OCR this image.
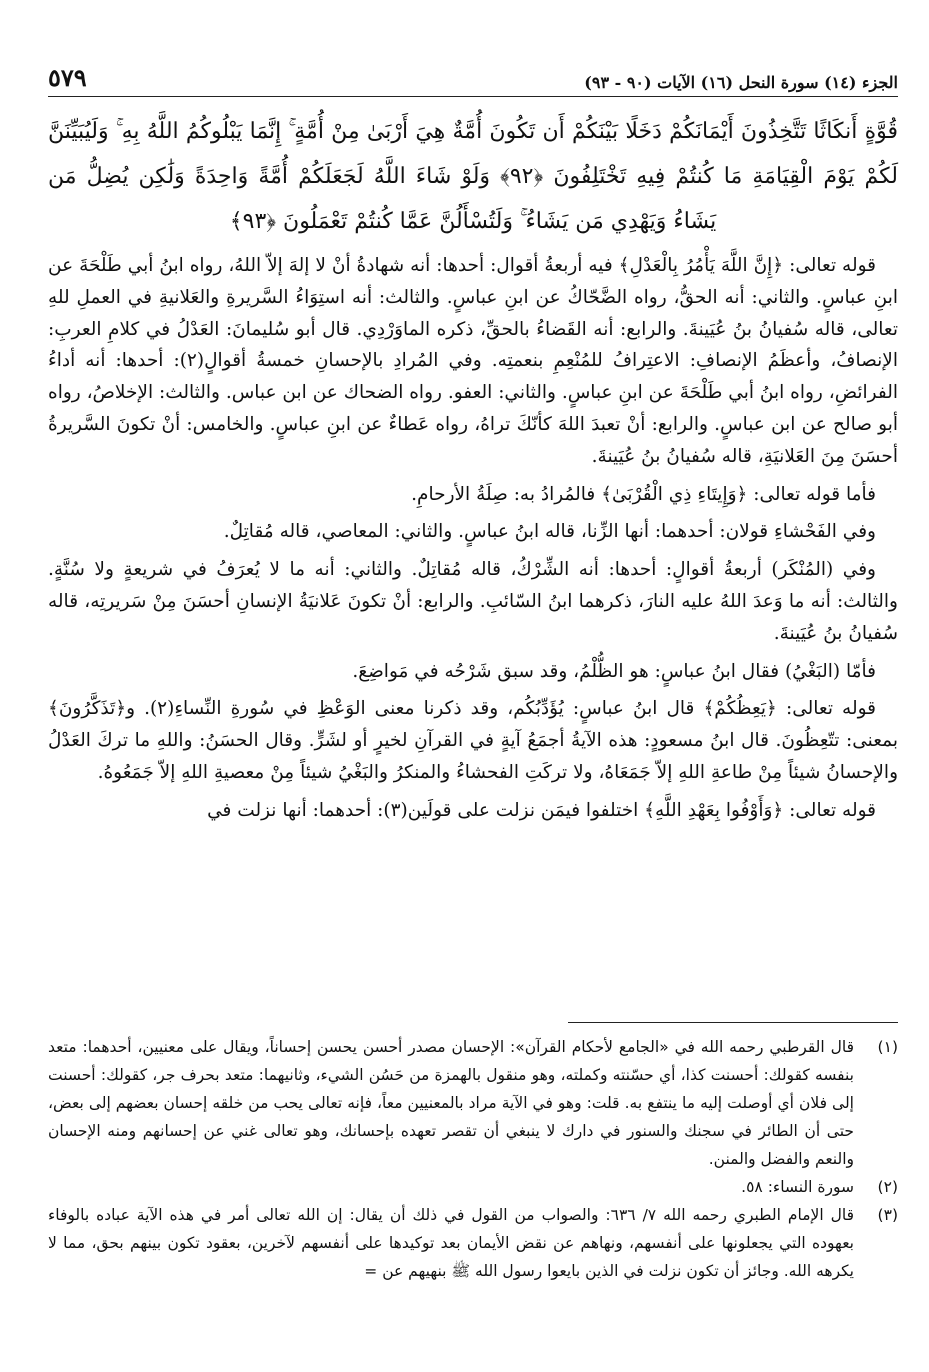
الجزء (١٤) سورة النحل (١٦) الآيات (٩٠ - ٩٣)
٥٧٩
قُوَّةٍ أَنكَاثًا تَتَّخِذُونَ أَيْمَانَكُمْ دَخَلًا بَيْنَكُمْ أَن تَكُونَ أُمَّةٌ هِيَ أَرْبَىٰ مِنْ أُمَّةٍ ۚ إِنَّمَا يَبْلُوكُمُ اللَّهُ بِهِ ۚ وَلَيُبَيِّنَنَّ لَكُمْ يَوْمَ الْقِيَامَةِ مَا كُنتُمْ فِيهِ تَخْتَلِفُونَ ﴿٩٢﴾ وَلَوْ شَاءَ اللَّهُ لَجَعَلَكُمْ أُمَّةً وَاحِدَةً وَلَٰكِن يُضِلُّ مَن يَشَاءُ وَيَهْدِي مَن يَشَاءُ ۚ وَلَتُسْأَلُنَّ عَمَّا كُنتُمْ تَعْمَلُونَ ﴿٩٣﴾

قوله تعالى: ﴿إِنَّ اللَّهَ يَأْمُرُ بِالْعَدْلِ﴾ فيه أربعةُ أقوال: أحدها: أنه شهادةُ أنْ لا إلهَ إلاّ اللهُ، رواه ابنُ أبي طَلْحَةَ عن ابنِ عباسٍ. والثاني: أنه الحقُّ، رواه الضَّحّاكُ عن ابنِ عباسٍ. والثالث: أنه استِوَاءُ السَّريرةِ والعَلانيةِ في العملِ للهِ تعالى، قاله سُفيانُ بنُ عُيَينةَ. والرابع: أنه القَضاءُ بالحقِّ، ذكره الماوَرْدِي. قال أبو سُليمانَ: العَدْلُ في كلامِ العربِ: الإنصافُ، وأعظَمُ الإنصافِ: الاعتِرافُ للمُنْعِمِ بنعمتِه. وفي المُرادِ بالإحسانِ خمسةُ أقوالٍ(٢): أحدها: أنه أداءُ الفرائضِ، رواه ابنُ أبي طَلْحَةَ عن ابنِ عباسٍ. والثاني: العفو. رواه الضحاك عن ابن عباس. والثالث: الإخلاصُ، رواه أبو صالح عن ابن عباسٍ. والرابع: أنْ تعبدَ اللهَ كأنّكَ تراهُ، رواه عَطاءٌ عن ابنِ عباسٍ. والخامس: أنْ تكونَ السَّريرةُ أحسَنَ مِنَ العَلانيَةِ، قاله سُفيانُ بنُ عُيَينةَ.

فأما قوله تعالى: ﴿وَإِيتَاءِ ذِي الْقُرْبَىٰ﴾ فالمُرادُ به: صِلَةُ الأرحامِ.

وفي الفَحْشاءِ قولان: أحدهما: أنها الزِّنا، قاله ابنُ عباسٍ. والثاني: المعاصي، قاله مُقاتِلٌ.

وفي (المُنْكَر) أربعةُ أقوالٍ: أحدها: أنه الشِّرْكُ، قاله مُقاتِلٌ. والثاني: أنه ما لا يُعرَفُ في شريعةٍ ولا سُنَّةٍ. والثالث: أنه ما وَعدَ اللهُ عليه النارَ، ذكرهما ابنُ السّائبِ. والرابع: أنْ تكونَ عَلانيَةُ الإنسانِ أحسَنَ مِنْ سَريرتِه، قاله سُفيانُ بنُ عُيَينةَ.

فأمّا (البَغْيُ) فقال ابنُ عباسٍ: هو الظُّلْمُ، وقد سبق شَرْحُه في مَواضِعَ.

قوله تعالى: ﴿يَعِظُكُمْ﴾ قال ابنُ عباسٍ: يُؤَدِّبُكُم، وقد ذكرنا معنى الوَعْظِ في سُورةِ النِّساءِ(٢). و﴿تَذَكَّرُونَ﴾ بمعنى: تتّعِظُونَ. قال ابنُ مسعودٍ: هذه الآيةُ أجمَعُ آيةٍ في القرآنِ لخيرٍ أو لشَرٍّ. وقال الحسَنُ: واللهِ ما تركَ العَدْلُ والإحسانُ شيئاً مِنْ طاعةِ اللهِ إلاّ جَمَعَاهُ، ولا تركَتِ الفحشاءُ والمنكرُ والبَغْيُ شيئاً مِنْ معصيةِ اللهِ إلاّ جَمَعُوهُ.

قوله تعالى: ﴿وَأَوْفُوا بِعَهْدِ اللَّهِ﴾ اختلفوا فيمَن نزلت على قولَين(٣): أحدهما: أنها نزلت في

(١)
قال القرطبي رحمه الله في «الجامع لأحكام القرآن»: الإحسان مصدر أحسن يحسن إحساناً، ويقال على معنيين، أحدهما: متعد بنفسه كقولك: أحسنت كذا، أي حسّنته وكملته، وهو منقول بالهمزة من حَسُن الشيء، وثانيهما: متعد بحرف جر، كقولك: أحسنت إلى فلان أي أوصلت إليه ما ينتفع به. قلت: وهو في الآية مراد بالمعنيين معاً، فإنه تعالى يحب من خلقه إحسان بعضهم إلى بعض، حتى أن الطائر في سجنك والسنور في دارك لا ينبغي أن تقصر تعهده بإحسانك، وهو تعالى غني عن إحسانهم ومنه الإحسان والنعم والفضل والمنن.
(٢)
سورة النساء: ٥٨.
(٣)
قال الإمام الطبري رحمه الله ٧/ ٦٣٦: والصواب من القول في ذلك أن يقال: إن الله تعالى أمر في هذه الآية عباده بالوفاء بعهوده التي يجعلونها على أنفسهم، ونهاهم عن نقض الأيمان بعد توكيدها على أنفسهم لآخرين، بعقود تكون بينهم بحق، مما لا يكرهه الله. وجائز أن تكون نزلت في الذين بايعوا رسول الله ﷺ بنهيهم عن =
